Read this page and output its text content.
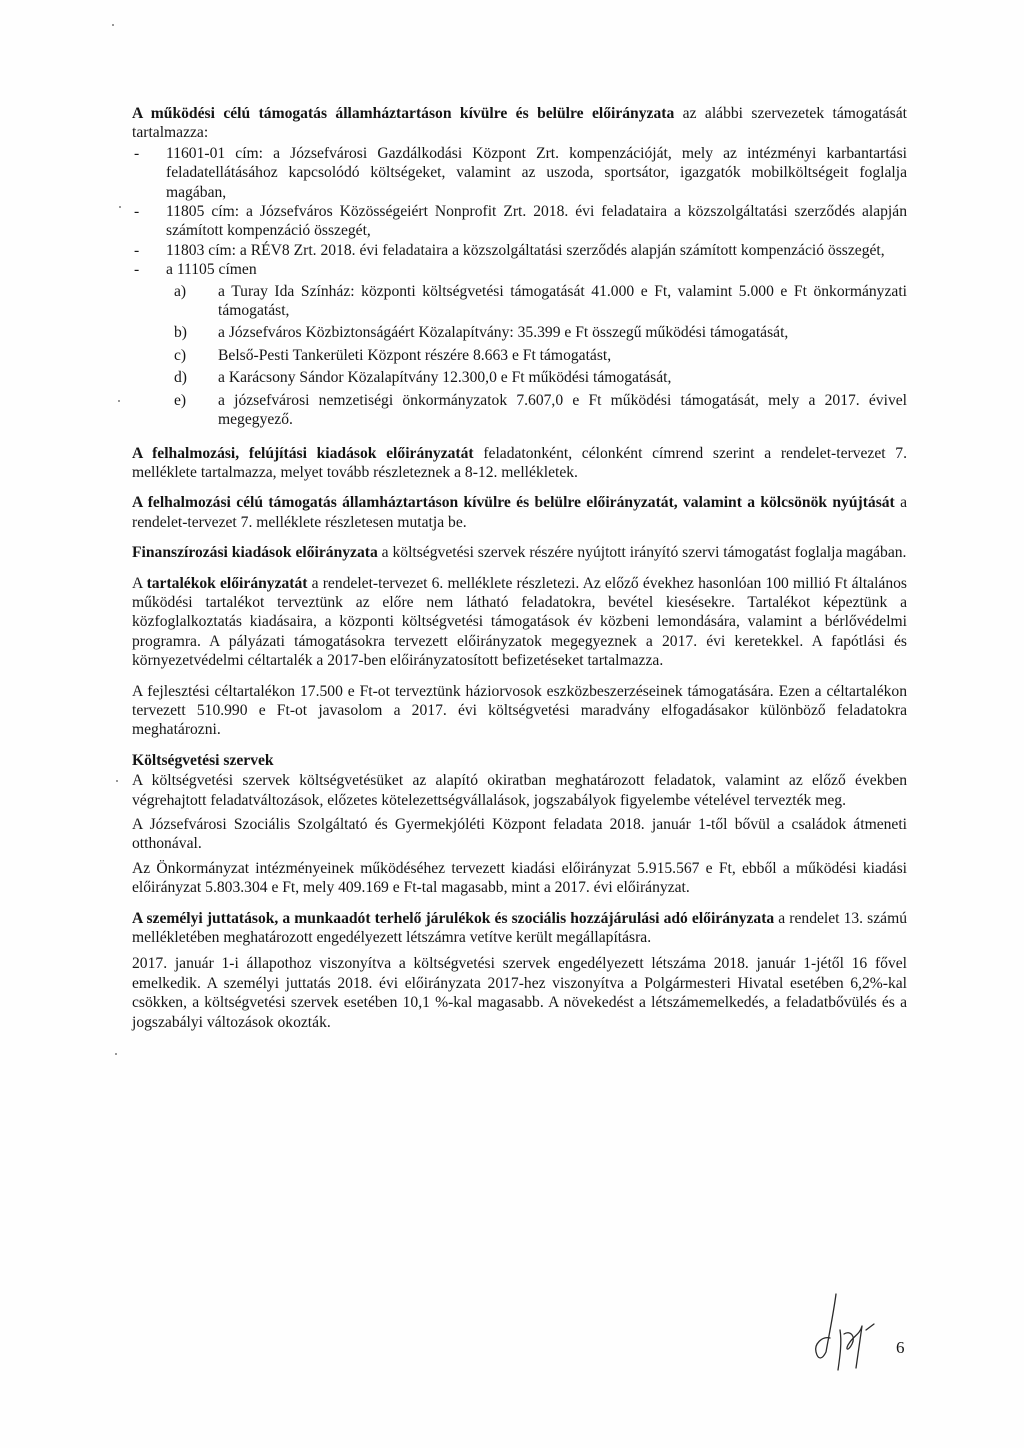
A működési célú támogatás államháztartáson kívülre és belülre előirányzata az alábbi szervezetek támogatását tartalmazza:

- 11601-01 cím: a Józsefvárosi Gazdálkodási Központ Zrt. kompenzációját, mely az intézményi karbantartási feladatellátásához kapcsolódó költségeket, valamint az uszoda, sportsátor, igazgatók mobilköltségeit foglalja magában,
- 11805 cím: a Józsefváros Közösségeiért Nonprofit Zrt. 2018. évi feladataira a közszolgáltatási szerződés alapján számított kompenzáció összegét,
- 11803 cím: a RÉV8 Zrt. 2018. évi feladataira a közszolgáltatási szerződés alapján számított kompenzáció összegét,
- a 11105 címen
a) a Turay Ida Színház: központi költségvetési támogatását 41.000 e Ft, valamint 5.000 e Ft önkormányzati támogatást,
b) a Józsefváros Közbiztonságáért Közalapítvány: 35.399 e Ft összegű működési támogatását,
c) Belső-Pesti Tankerületi Központ részére 8.663 e Ft támogatást,
d) a Karácsony Sándor Közalapítvány 12.300,0 e Ft működési támogatását,
e) a józsefvárosi nemzetiségi önkormányzatok 7.607,0 e Ft működési támogatását, mely a 2017. évivel megegyező.

A felhalmozási, felújítási kiadások előirányzatát feladatonként, célonként címrend szerint a rendelet-tervezet 7. melléklete tartalmazza, melyet tovább részleteznek a 8-12. mellékletek.

A felhalmozási célú támogatás államháztartáson kívülre és belülre előirányzatát, valamint a kölcsönök nyújtását a rendelet-tervezet 7. melléklete részletesen mutatja be.

Finanszírozási kiadások előirányzata a költségvetési szervek részére nyújtott irányító szervi támogatást foglalja magában.

A tartalékok előirányzatát a rendelet-tervezet 6. melléklete részletezi. Az előző évekhez hasonlóan 100 millió Ft általános működési tartalékot terveztünk az előre nem látható feladatokra, bevétel kiesésekre. Tartalékot képeztünk a közfoglalkoztatás kiadásaira, a központi költségvetési támogatások év közbeni lemondására, valamint a bérlővédelmi programra. A pályázati támogatásokra tervezett előirányzatok megegyeznek a 2017. évi keretekkel. A fapótlási és környezetvédelmi céltartalék a 2017-ben előirányzatosított befizetéseket tartalmazza.

A fejlesztési céltartalékon 17.500 e Ft-ot terveztünk háziorvosok eszközbeszerzéseinek támogatására. Ezen a céltartalékon tervezett 510.990 e Ft-ot javasolom a 2017. évi költségvetési maradvány elfogadásakor különböző feladatokra meghatározni.

Költségvetési szervek

A költségvetési szervek költségvetésüket az alapító okiratban meghatározott feladatok, valamint az előző években végrehajtott feladatváltozások, előzetes kötelezettségvállalások, jogszabályok figyelembe vételével tervezték meg.

A Józsefvárosi Szociális Szolgáltató és Gyermekjóléti Központ feladata 2018. január 1-től bővül a családok átmeneti otthonával.

Az Önkormányzat intézményeinek működéséhez tervezett kiadási előirányzat 5.915.567 e Ft, ebből a működési kiadási előirányzat 5.803.304 e Ft, mely 409.169 e Ft-tal magasabb, mint a 2017. évi előirányzat.

A személyi juttatások, a munkaadót terhelő járulékok és szociális hozzájárulási adó előirányzata a rendelet 13. számú mellékletében meghatározott engedélyezett létszámra vetítve került megállapításra.

2017. január 1-i állapothoz viszonyítva a költségvetési szervek engedélyezett létszáma 2018. január 1-jétől 16 fővel emelkedik. A személyi juttatás 2018. évi előirányzata 2017-hez viszonyítva a Polgármesteri Hivatal esetében 6,2%-kal csökken, a költségvetési szervek esetében 10,1 %-kal magasabb. A növekedést a létszámemelkedés, a feladatbővülés és a jogszabályi változások okozták.

6
